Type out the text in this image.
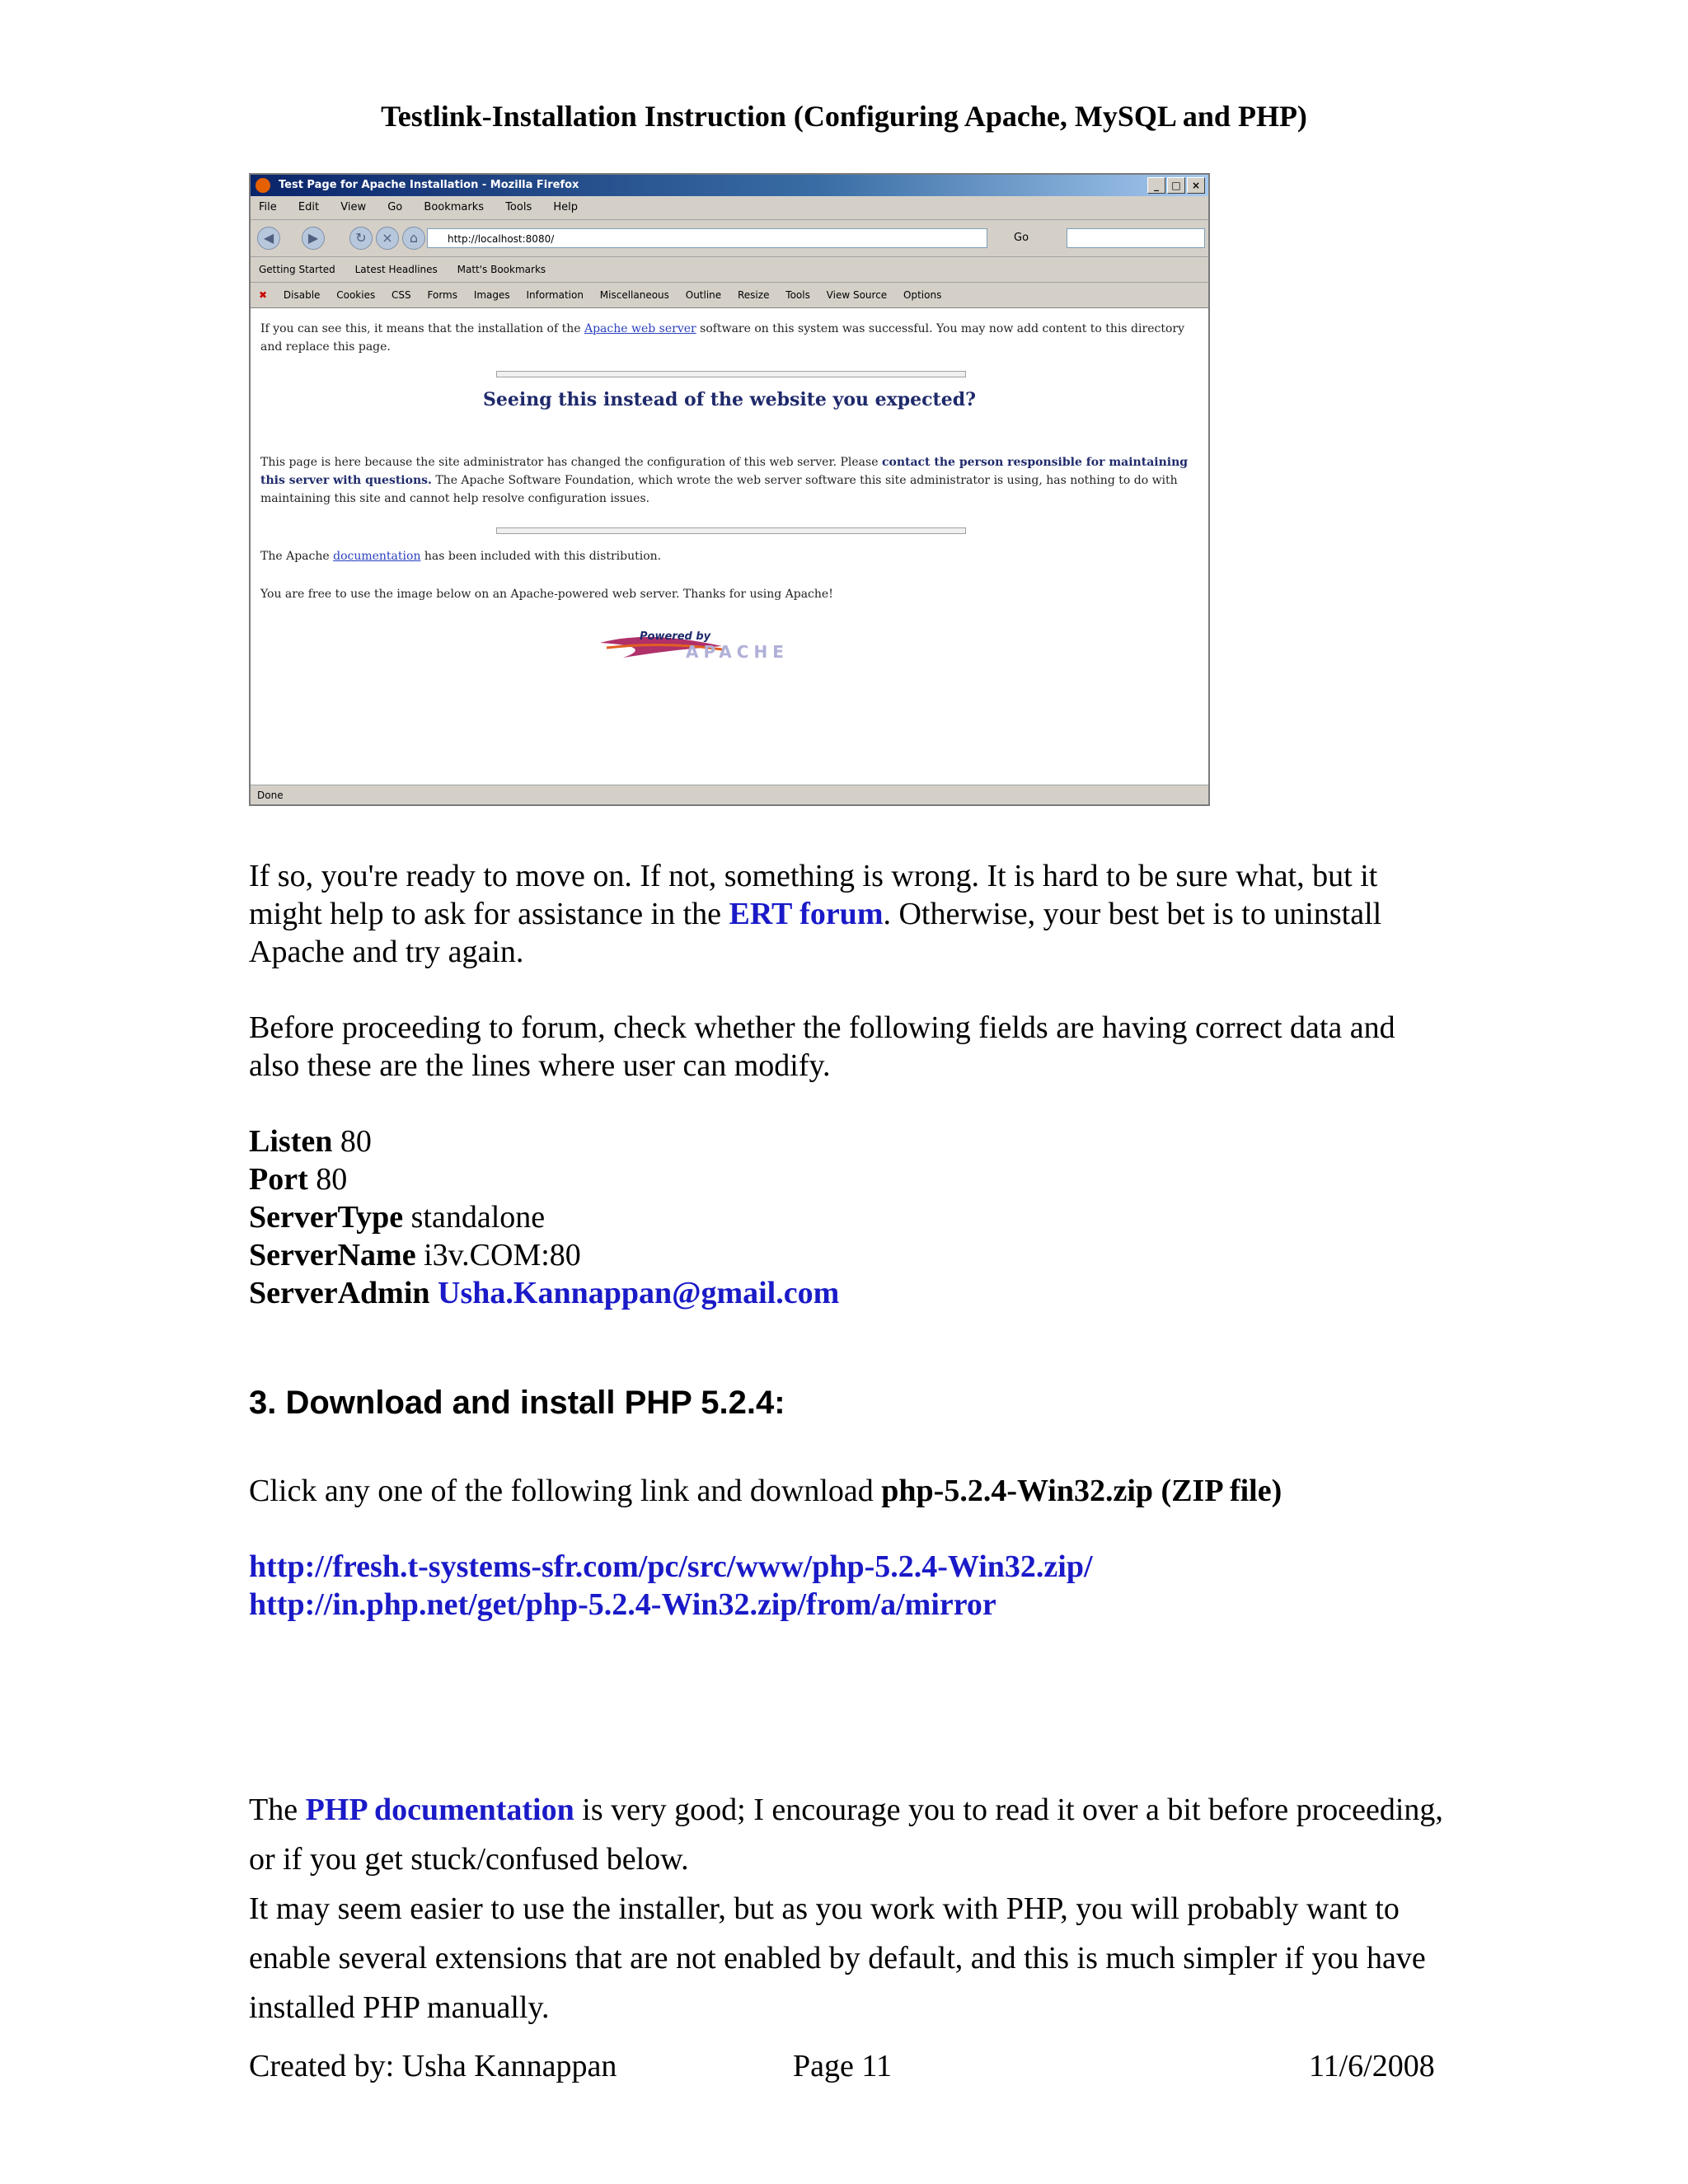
Testlink-Installation Instruction (Configuring Apache, MySQL and PHP)
Test Page for Apache Installation - Mozilla Firefox	_	□	×
File Edit View Go Bookmarks Tools Help
◀	▶	↻	×	⌂	http://localhost:8080/	Go
Getting Started Latest Headlines Matt's Bookmarks
✖ Disable Cookies CSS Forms Images Information Miscellaneous Outline Resize Tools View Source Options

If you can see this, it means that the installation of the Apache web server software on this system was successful. You may now add content to this directory and replace this page.

Seeing this instead of the website you expected?

This page is here because the site administrator has changed the configuration of this web server. Please contact the person responsible for maintaining this server with questions. The Apache Software Foundation, which wrote the web server software this site administrator is using, has nothing to do with maintaining this site and cannot help resolve configuration issues.

The Apache documentation has been included with this distribution.

You are free to use the image below on an Apache-powered web server. Thanks for using Apache!

Powered by
APACHE
Done
If so, you're ready to move on. If not, something is wrong. It is hard to be sure what, but it might help to ask for assistance in the ERT forum. Otherwise, your best bet is to uninstall Apache and try again.
Before proceeding to forum, check whether the following fields are having correct data and also these are the lines where user can modify.
Listen 80
Port 80
ServerType standalone
ServerName i3v.COM:80
ServerAdmin Usha.Kannappan@gmail.com
3. Download and install PHP 5.2.4:
Click any one of the following link and download php-5.2.4-Win32.zip (ZIP file)
http://fresh.t-systems-sfr.com/pc/src/www/php-5.2.4-Win32.zip/
http://in.php.net/get/php-5.2.4-Win32.zip/from/a/mirror
The PHP documentation is very good; I encourage you to read it over a bit before proceeding, or if you get stuck/confused below.
It may seem easier to use the installer, but as you work with PHP, you will probably want to enable several extensions that are not enabled by default, and this is much simpler if you have installed PHP manually.
Created by: Usha Kannappan	Page 11	11/6/2008
